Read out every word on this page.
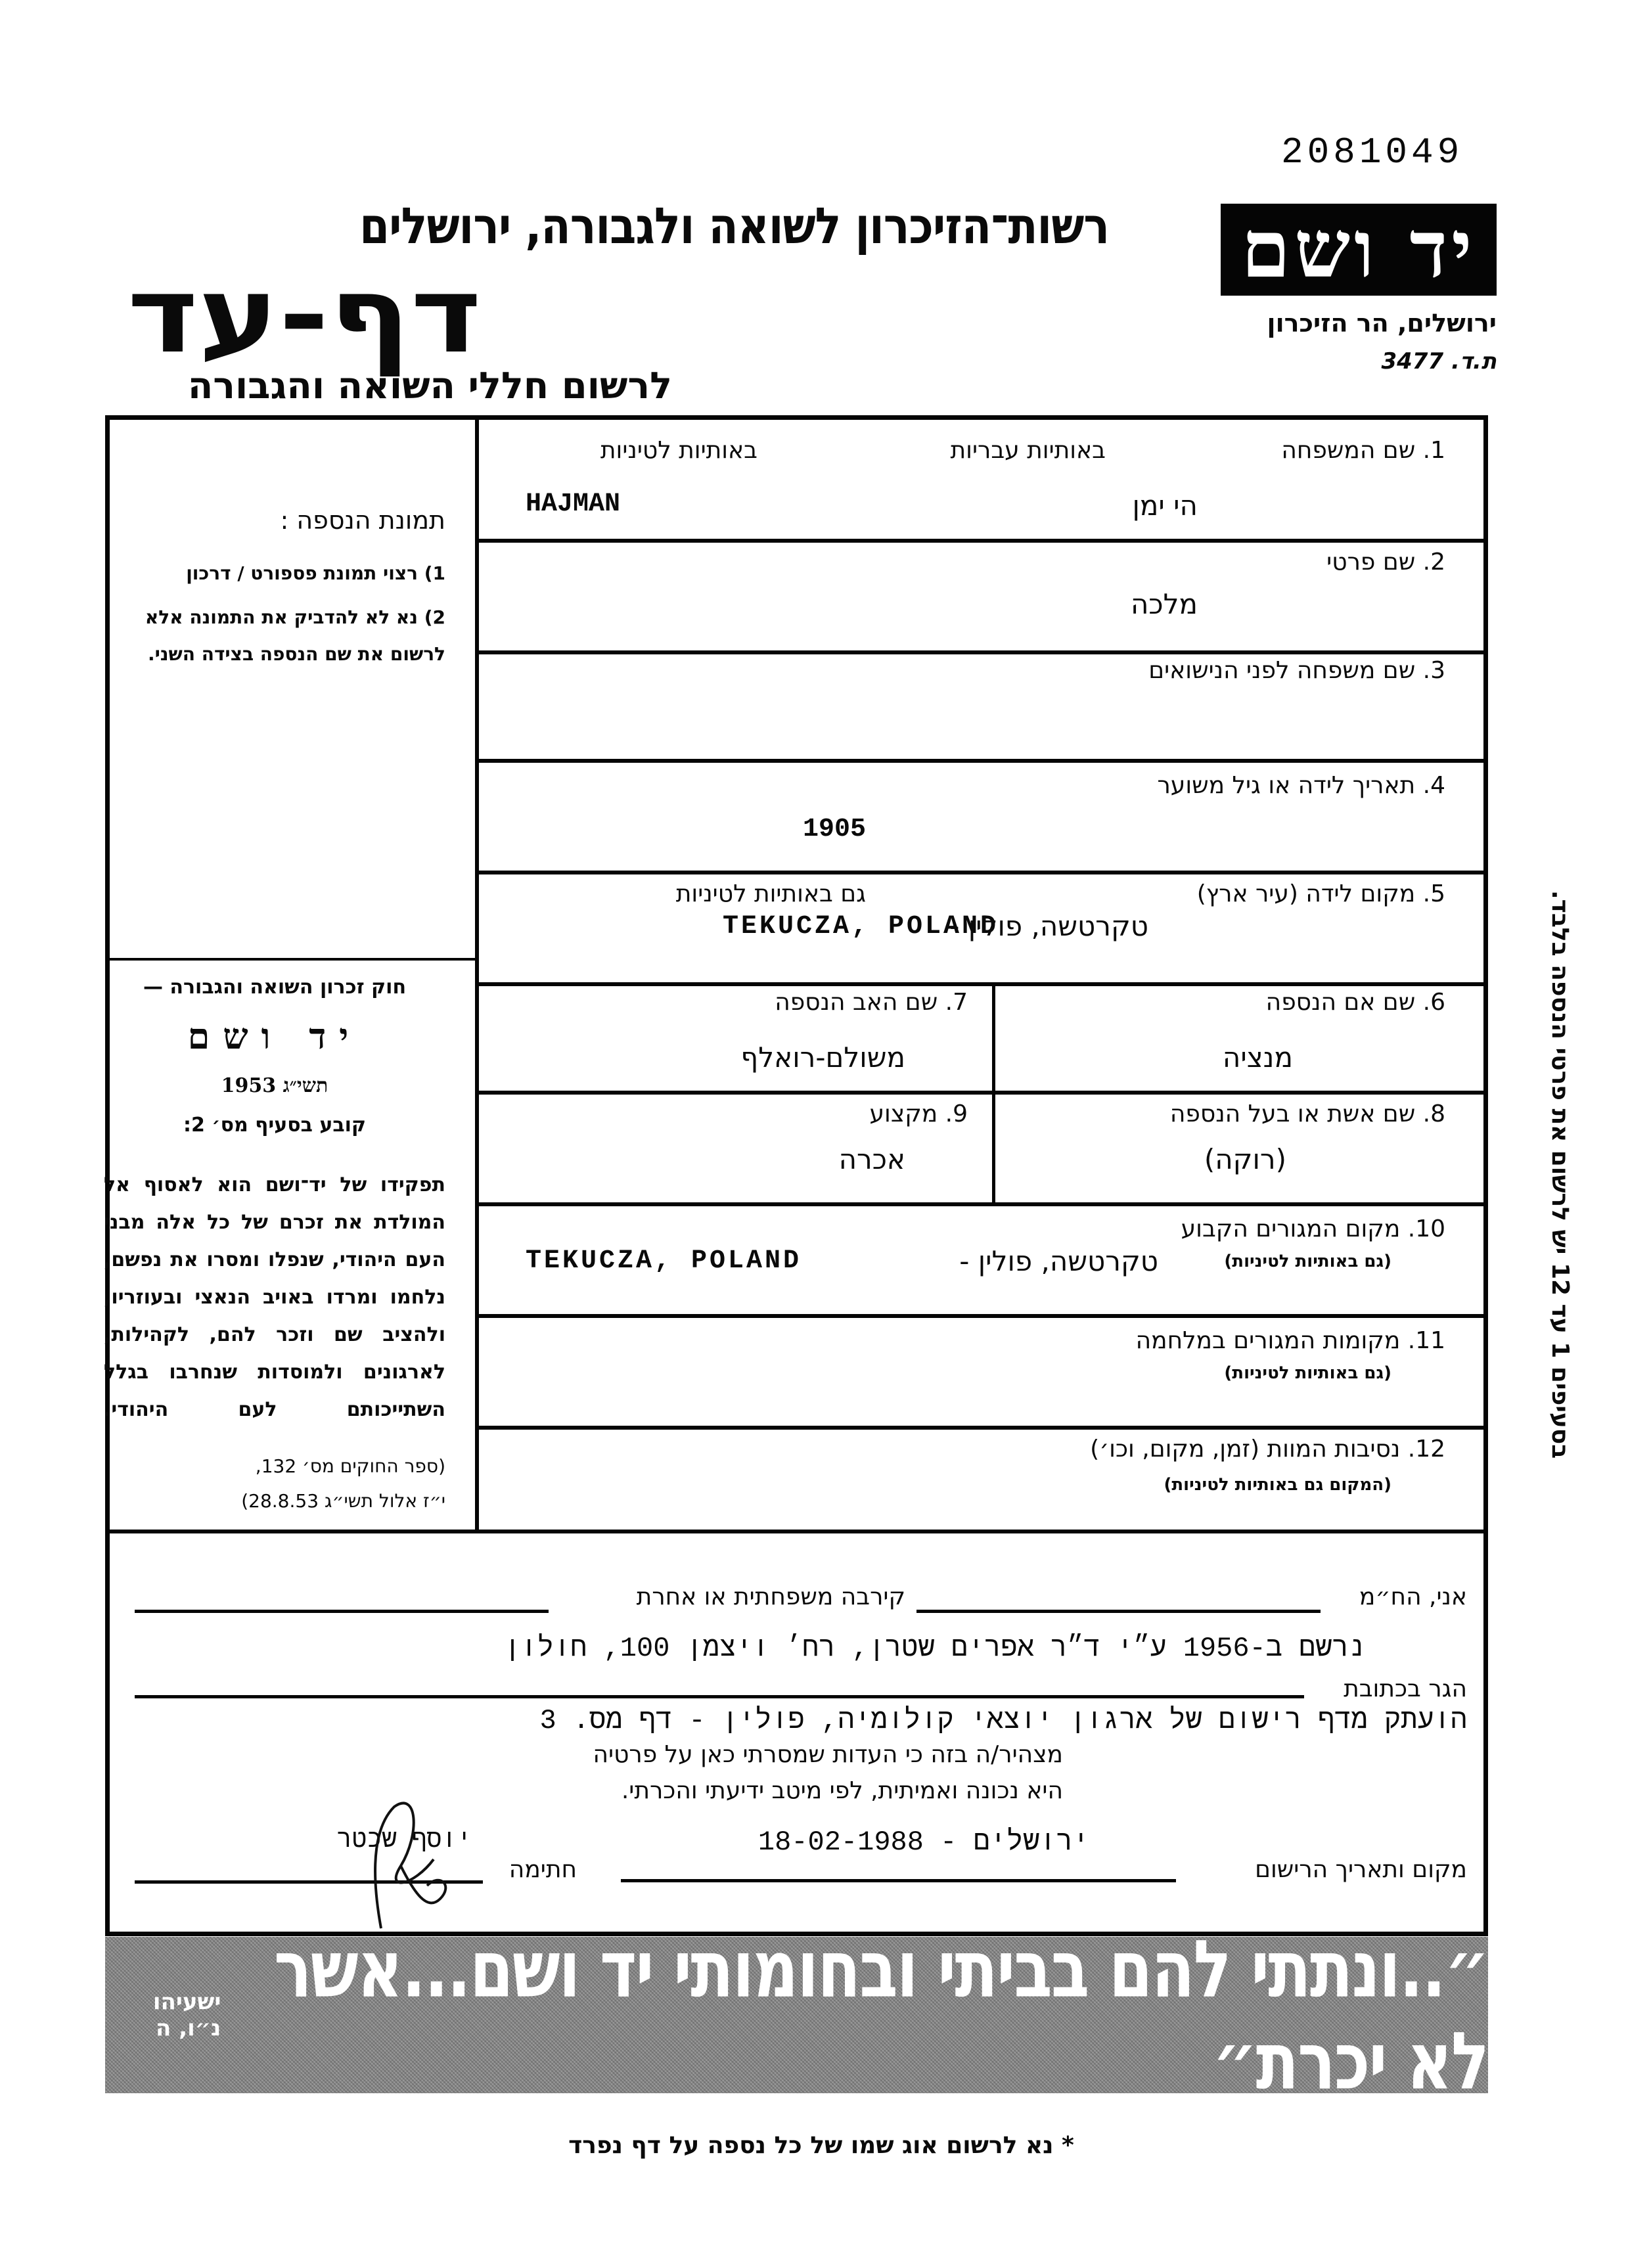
2081049
יד ושם
ירושלים, הר הזיכרון
ת.ד. 3477
רשות־הזיכרון לשואה ולגבורה, ירושלים
דף-עד
לרשום חללי השואה והגבורה
תמונת הנספה :
1) רצוי תמונת פספורט / דרכון
2) נא לא להדביק את התמונה אלא לרשום את שם הנספה בצידה השני.
חוק זכרון השואה והגבורה —
יד ושם
תשי״ג 1953
קובע בסעיף מס׳ 2:
תפקידו של יד־ושם הוא לאסוף אל המולדת את זכרם של כל אלה מבני העם היהודי, שנפלו ומסרו את נפשם, נלחמו ומרדו באויב הנאצי ובעוזריו, ולהציב שם וזכר להם, לקהילות, לארגונים ולמוסדות שנחרבו בגלל השתייכותם לעם היהודי.
(ספר החוקים מס׳ 132,
י״ז אלול תשי״ג 28.8.53)
1. שם המשפחה
באותיות עבריות
באותיות לטיניות
הי ימן
HAJMAN
2. שם פרטי
מלכה
3. שם משפחה לפני הנישואים
4. תאריך לידה או גיל משוער
1905
5. מקום לידה (עיר ארץ)
גם באותיות לטיניות
טקרטשה, פולין -
TEKUCZA, POLAND
6. שם אם הנספה
מנציה
7. שם האב הנספה
משולם-רואלף
8. שם אשת או בעל הנספה
(רוקה)
9. מקצוע
אכרה
10. מקום המגורים הקבוע
(גם באותיות לטיניות)
טקרטשה, פולין -
TEKUCZA, POLAND
11. מקומות המגורים במלחמה
(גם באותיות לטיניות)
12. נסיבות המוות (זמן, מקום, וכו׳)
(המקום גם באותיות לטיניות)
בסעיפים 1 עד 12 יש לרשום את פרטי הנספה בלבד.
אני, הח״מ
קירבה משפחתית או אחרת
נרשם ב-1956 ע״י ד״ר אפרים שטרן, רח׳ ויצמן 100, חולון
הגר בכתובת
הועתק מדף רישום של ארגון יוצאי קולומיה, פולין - דף מס. 3
מצהיר/ה בזה כי העדות שמסרתי כאן על פרטיה
היא נכונה ואמיתית, לפי מיטב ידיעתי והכרתי.
ירושלים - 18-02-1988
מקום ותאריך הרישום
חתימה
יוסף שכטר
״..ונתתי להם בביתי ובחומותי יד ושם...אשר לא יכרת״
ישעיהו נ״ו, ה
* נא לרשום אוג שמו של כל נספה על דף נפרד
